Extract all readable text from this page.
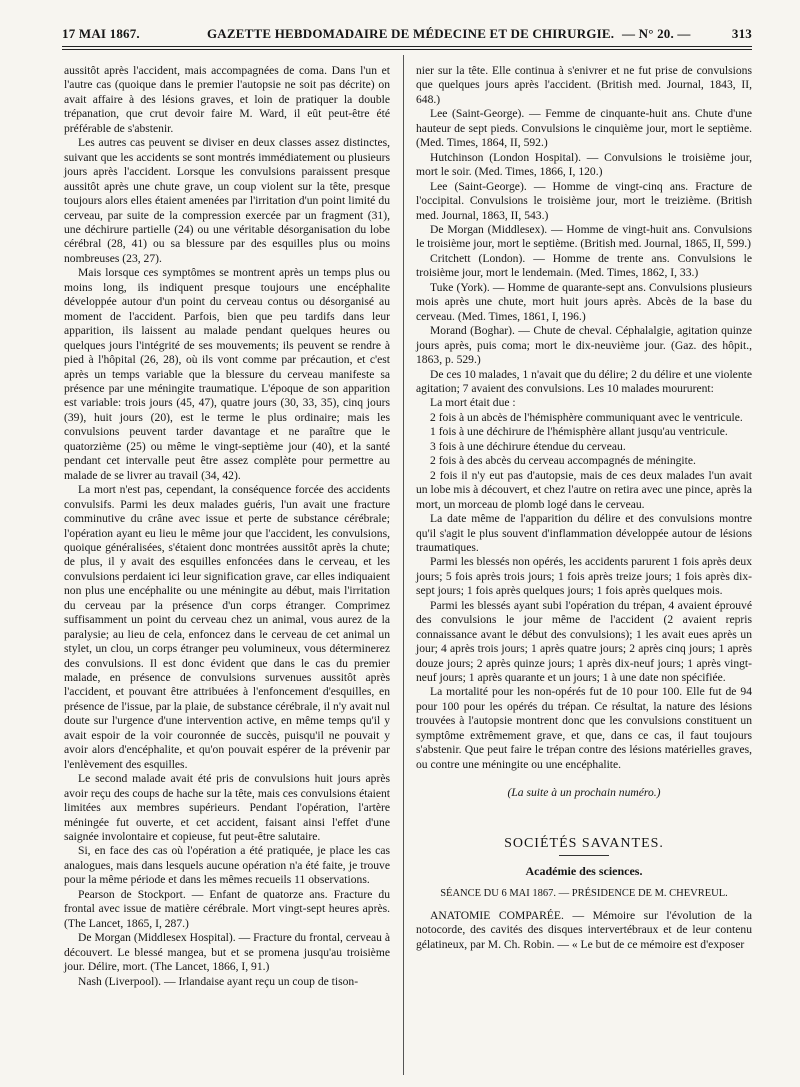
17 MAI 1867.	GAZETTE HEBDOMADAIRE DE MÉDECINE ET DE CHIRURGIE. — N° 20. —	313

aussitôt après l'accident, mais accompagnées de coma. Dans l'un et l'autre cas (quoique dans le premier l'autopsie ne soit pas décrite) on avait affaire à des lésions graves, et loin de pratiquer la double trépanation, que crut devoir faire M. Ward, il eût peut-être été préférable de s'abstenir.

Les autres cas peuvent se diviser en deux classes assez distinctes, suivant que les accidents se sont montrés immédiatement ou plusieurs jours après l'accident. Lorsque les convulsions paraissent presque aussitôt après une chute grave, un coup violent sur la tête, presque toujours alors elles étaient amenées par l'irritation d'un point limité du cerveau, par suite de la compression exercée par un fragment (31), une déchirure partielle (24) ou une véritable désorganisation du lobe cérébral (28, 41) ou sa blessure par des esquilles plus ou moins nombreuses (23, 27).

Mais lorsque ces symptômes se montrent après un temps plus ou moins long, ils indiquent presque toujours une encéphalite développée autour d'un point du cerveau contus ou désorganisé au moment de l'accident. Parfois, bien que peu tardifs dans leur apparition, ils laissent au malade pendant quelques heures ou quelques jours l'intégrité de ses mouvements; ils peuvent se rendre à pied à l'hôpital (26, 28), où ils vont comme par précaution, et c'est après un temps variable que la blessure du cerveau manifeste sa présence par une méningite traumatique. L'époque de son apparition est variable: trois jours (45, 47), quatre jours (30, 33, 35), cinq jours (39), huit jours (20), est le terme le plus ordinaire; mais les convulsions peuvent tarder davantage et ne paraître que le quatorzième (25) ou même le vingt-septième jour (40), et la santé pendant cet intervalle peut être assez complète pour permettre au malade de se livrer au travail (34, 42).

La mort n'est pas, cependant, la conséquence forcée des accidents convulsifs. Parmi les deux malades guéris, l'un avait une fracture comminutive du crâne avec issue et perte de substance cérébrale; l'opération ayant eu lieu le même jour que l'accident, les convulsions, quoique généralisées, s'étaient donc montrées aussitôt après la chute; de plus, il y avait des esquilles enfoncées dans le cerveau, et les convulsions perdaient ici leur signification grave, car elles indiquaient non plus une encéphalite ou une méningite au début, mais l'irritation du cerveau par la présence d'un corps étranger. Comprimez suffisamment un point du cerveau chez un animal, vous aurez de la paralysie; au lieu de cela, enfoncez dans le cerveau de cet animal un stylet, un clou, un corps étranger peu volumineux, vous déterminerez des convulsions. Il est donc évident que dans le cas du premier malade, en présence de convulsions survenues aussitôt après l'accident, et pouvant être attribuées à l'enfoncement d'esquilles, en présence de l'issue, par la plaie, de substance cérébrale, il n'y avait nul doute sur l'urgence d'une intervention active, en même temps qu'il y avait espoir de la voir couronnée de succès, puisqu'il ne pouvait y avoir alors d'encéphalite, et qu'on pouvait espérer de la prévenir par l'enlèvement des esquilles.

Le second malade avait été pris de convulsions huit jours après avoir reçu des coups de hache sur la tête, mais ces convulsions étaient limitées aux membres supérieurs. Pendant l'opération, l'artère méningée fut ouverte, et cet accident, faisant ainsi l'effet d'une saignée involontaire et copieuse, fut peut-être salutaire.

Si, en face des cas où l'opération a été pratiquée, je place les cas analogues, mais dans lesquels aucune opération n'a été faite, je trouve pour la même période et dans les mêmes recueils 11 observations.

Pearson de Stockport. — Enfant de quatorze ans. Fracture du frontal avec issue de matière cérébrale. Mort vingt-sept heures après. (The Lancet, 1865, I, 287.)

De Morgan (Middlesex Hospital). — Fracture du frontal, cerveau à découvert. Le blessé mangea, but et se promena jusqu'au troisième jour. Délire, mort. (The Lancet, 1866, I, 91.)

Nash (Liverpool). — Irlandaise ayant reçu un coup de tison-

nier sur la tête. Elle continua à s'enivrer et ne fut prise de convulsions que quelques jours après l'accident. (British med. Journal, 1843, II, 648.)

Lee (Saint-George). — Femme de cinquante-huit ans. Chute d'une hauteur de sept pieds. Convulsions le cinquième jour, mort le septième. (Med. Times, 1864, II, 592.)

Hutchinson (London Hospital). — Convulsions le troisième jour, mort le soir. (Med. Times, 1866, I, 120.)

Lee (Saint-George). — Homme de vingt-cinq ans. Fracture de l'occipital. Convulsions le troisième jour, mort le treizième. (British med. Journal, 1863, II, 543.)

De Morgan (Middlesex). — Homme de vingt-huit ans. Convulsions le troisième jour, mort le septième. (British med. Journal, 1865, II, 599.)

Critchett (London). — Homme de trente ans. Convulsions le troisième jour, mort le lendemain. (Med. Times, 1862, I, 33.)

Tuke (York). — Homme de quarante-sept ans. Convulsions plusieurs mois après une chute, mort huit jours après. Abcès de la base du cerveau. (Med. Times, 1861, I, 196.)

Morand (Boghar). — Chute de cheval. Céphalalgie, agitation quinze jours après, puis coma; mort le dix-neuvième jour. (Gaz. des hôpit., 1863, p. 529.)

De ces 10 malades, 1 n'avait que du délire; 2 du délire et une violente agitation; 7 avaient des convulsions. Les 10 malades moururent:

La mort était due :

2 fois à un abcès de l'hémisphère communiquant avec le ventricule.

1 fois à une déchirure de l'hémisphère allant jusqu'au ventricule.

3 fois à une déchirure étendue du cerveau.

2 fois à des abcès du cerveau accompagnés de méningite.

2 fois il n'y eut pas d'autopsie, mais de ces deux malades l'un avait un lobe mis à découvert, et chez l'autre on retira avec une pince, après la mort, un morceau de plomb logé dans le cerveau.

La date même de l'apparition du délire et des convulsions montre qu'il s'agit le plus souvent d'inflammation développée autour de lésions traumatiques.

Parmi les blessés non opérés, les accidents parurent 1 fois après deux jours; 5 fois après trois jours; 1 fois après treize jours; 1 fois après dix-sept jours; 1 fois après quelques jours; 1 fois après quelques mois.

Parmi les blessés ayant subi l'opération du trépan, 4 avaient éprouvé des convulsions le jour même de l'accident (2 avaient repris connaissance avant le début des convulsions); 1 les avait eues après un jour; 4 après trois jours; 1 après quatre jours; 2 après cinq jours; 1 après douze jours; 2 après quinze jours; 1 après dix-neuf jours; 1 après vingt-neuf jours; 1 après quarante et un jours; 1 à une date non spécifiée.

La mortalité pour les non-opérés fut de 10 pour 100. Elle fut de 94 pour 100 pour les opérés du trépan. Ce résultat, la nature des lésions trouvées à l'autopsie montrent donc que les convulsions constituent un symptôme extrêmement grave, et que, dans ce cas, il faut toujours s'abstenir. Que peut faire le trépan contre des lésions matérielles graves, ou contre une méningite ou une encéphalite.

(La suite à un prochain numéro.)

SOCIÉTÉS SAVANTES.

Académie des sciences.

SÉANCE DU 6 MAI 1867. — PRÉSIDENCE DE M. CHEVREUL.

ANATOMIE COMPARÉE. — Mémoire sur l'évolution de la notocorde, des cavités des disques intervertébraux et de leur contenu gélatineux, par M. Ch. Robin. — « Le but de ce mémoire est d'exposer
